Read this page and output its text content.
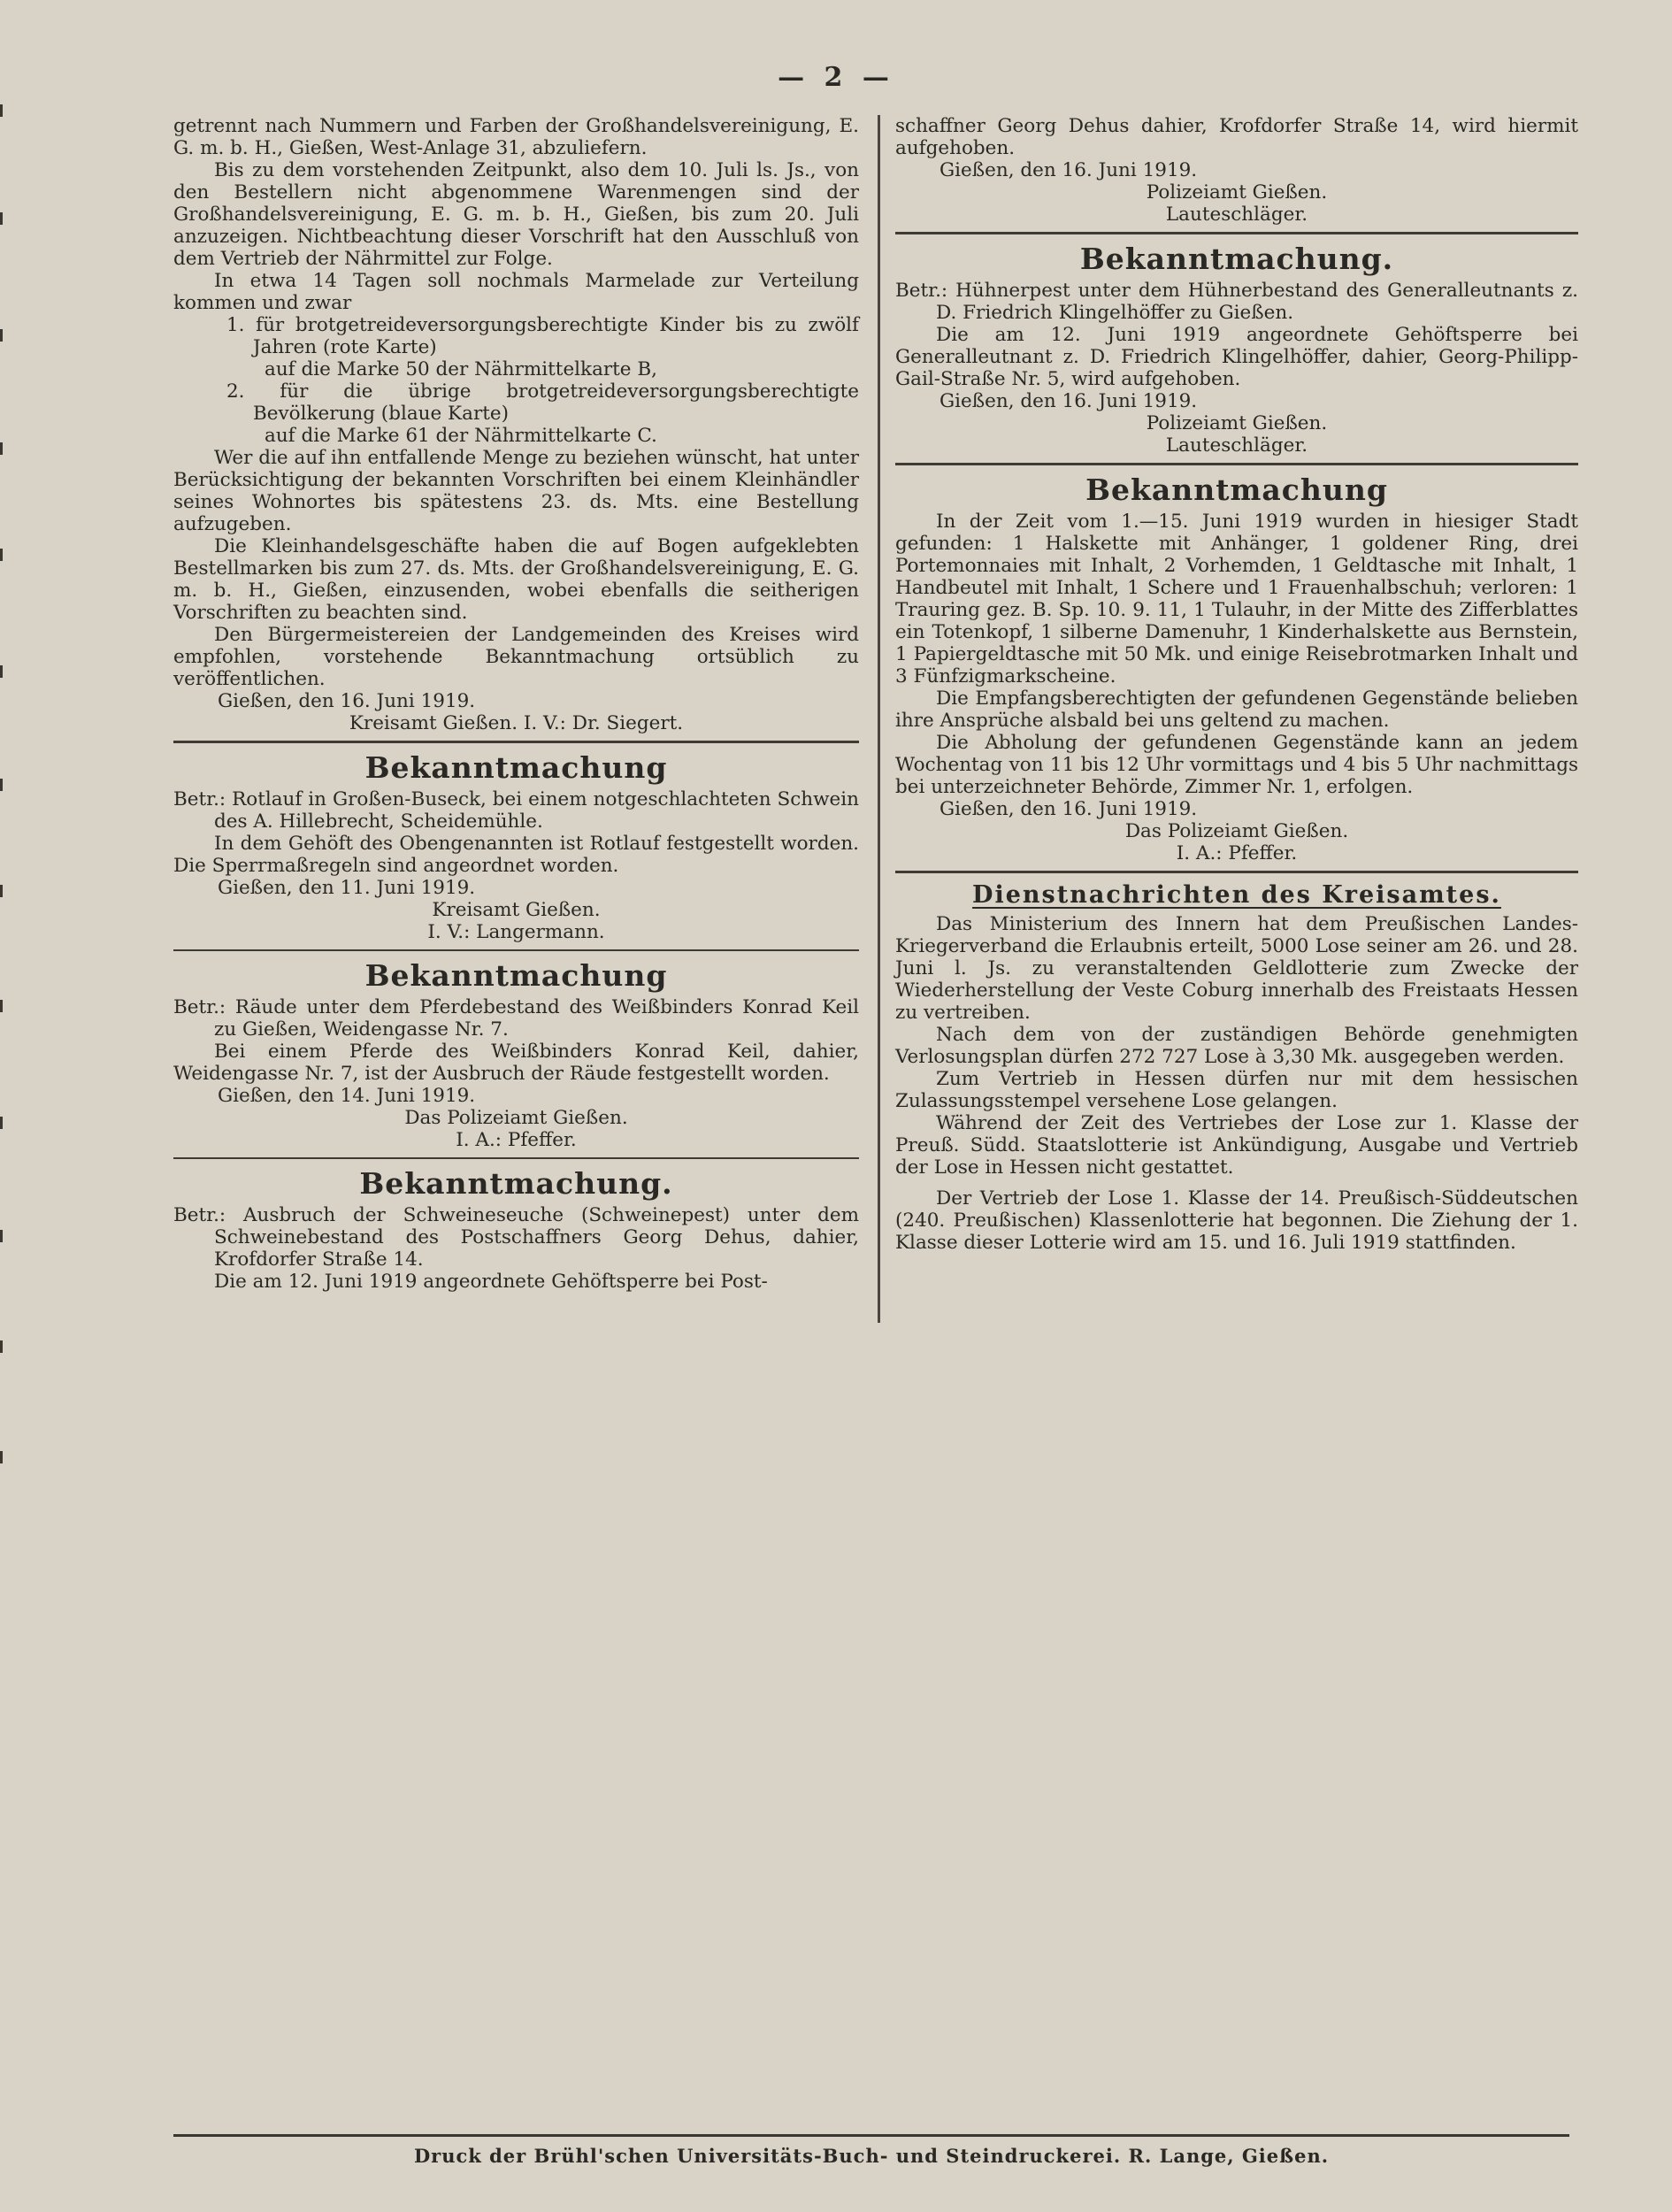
— 2 —

getrennt nach Nummern und Farben der Großhandelsvereinigung, E. G. m. b. H., Gießen, West-Anlage 31, abzuliefern.

Bis zu dem vorstehenden Zeitpunkt, also dem 10. Juli ls. Js., von den Bestellern nicht abgenommene Warenmengen sind der Großhandelsvereinigung, E. G. m. b. H., Gießen, bis zum 20. Juli anzuzeigen. Nichtbeachtung dieser Vorschrift hat den Ausschluß von dem Vertrieb der Nährmittel zur Folge.

In etwa 14 Tagen soll nochmals Marmelade zur Verteilung kommen und zwar

1. für brotgetreideversorgungsberechtigte Kinder bis zu zwölf Jahren (rote Karte)

auf die Marke 50 der Nährmittelkarte B,

2. für die übrige brotgetreideversorgungsberechtigte Bevölkerung (blaue Karte)

auf die Marke 61 der Nährmittelkarte C.

Wer die auf ihn entfallende Menge zu beziehen wünscht, hat unter Berücksichtigung der bekannten Vorschriften bei einem Kleinhändler seines Wohnortes bis spätestens 23. ds. Mts. eine Bestellung aufzugeben.

Die Kleinhandelsgeschäfte haben die auf Bogen aufgeklebten Bestellmarken bis zum 27. ds. Mts. der Großhandelsvereinigung, E. G. m. b. H., Gießen, einzusenden, wobei ebenfalls die seitherigen Vorschriften zu beachten sind.

Den Bürgermeistereien der Landgemeinden des Kreises wird empfohlen, vorstehende Bekanntmachung ortsüblich zu veröffentlichen.

Gießen, den 16. Juni 1919.

Kreisamt Gießen. I. V.: Dr. Siegert.

Bekanntmachung

Betr.: Rotlauf in Großen-Buseck, bei einem notgeschlachteten Schwein des A. Hillebrecht, Scheidemühle.

In dem Gehöft des Obengenannten ist Rotlauf festgestellt worden. Die Sperrmaßregeln sind angeordnet worden.

Gießen, den 11. Juni 1919.

Kreisamt Gießen.

I. V.: Langermann.

Bekanntmachung

Betr.: Räude unter dem Pferdebestand des Weißbinders Konrad Keil zu Gießen, Weidengasse Nr. 7.

Bei einem Pferde des Weißbinders Konrad Keil, dahier, Weidengasse Nr. 7, ist der Ausbruch der Räude festgestellt worden.

Gießen, den 14. Juni 1919.

Das Polizeiamt Gießen.

I. A.: Pfeffer.

Bekanntmachung.

Betr.: Ausbruch der Schweineseuche (Schweinepest) unter dem Schweinebestand des Postschaffners Georg Dehus, dahier, Krofdorfer Straße 14.

Die am 12. Juni 1919 angeordnete Gehöftsperre bei Post-

schaffner Georg Dehus dahier, Krofdorfer Straße 14, wird hiermit aufgehoben.

Gießen, den 16. Juni 1919.

Polizeiamt Gießen.

Lauteschläger.

Bekanntmachung.

Betr.: Hühnerpest unter dem Hühnerbestand des Generalleutnants z. D. Friedrich Klingelhöffer zu Gießen.

Die am 12. Juni 1919 angeordnete Gehöftsperre bei Generalleutnant z. D. Friedrich Klingelhöffer, dahier, Georg-Philipp-Gail-Straße Nr. 5, wird aufgehoben.

Gießen, den 16. Juni 1919.

Polizeiamt Gießen.

Lauteschläger.

Bekanntmachung

In der Zeit vom 1.—15. Juni 1919 wurden in hiesiger Stadt gefunden: 1 Halskette mit Anhänger, 1 goldener Ring, drei Portemonnaies mit Inhalt, 2 Vorhemden, 1 Geldtasche mit Inhalt, 1 Handbeutel mit Inhalt, 1 Schere und 1 Frauenhalbschuh; verloren: 1 Trauring gez. B. Sp. 10. 9. 11, 1 Tulauhr, in der Mitte des Zifferblattes ein Totenkopf, 1 silberne Damenuhr, 1 Kinderhalskette aus Bernstein, 1 Papiergeldtasche mit 50 Mk. und einige Reisebrotmarken Inhalt und 3 Fünfzigmarkscheine.

Die Empfangsberechtigten der gefundenen Gegenstände belieben ihre Ansprüche alsbald bei uns geltend zu machen.

Die Abholung der gefundenen Gegenstände kann an jedem Wochentag von 11 bis 12 Uhr vormittags und 4 bis 5 Uhr nachmittags bei unterzeichneter Behörde, Zimmer Nr. 1, erfolgen.

Gießen, den 16. Juni 1919.

Das Polizeiamt Gießen.

I. A.: Pfeffer.

Dienstnachrichten des Kreisamtes.

Das Ministerium des Innern hat dem Preußischen Landes-Kriegerverband die Erlaubnis erteilt, 5000 Lose seiner am 26. und 28. Juni l. Js. zu veranstaltenden Geldlotterie zum Zwecke der Wiederherstellung der Veste Coburg innerhalb des Freistaats Hessen zu vertreiben.

Nach dem von der zuständigen Behörde genehmigten Verlosungsplan dürfen 272 727 Lose à 3,30 Mk. ausgegeben werden.

Zum Vertrieb in Hessen dürfen nur mit dem hessischen Zulassungsstempel versehene Lose gelangen.

Während der Zeit des Vertriebes der Lose zur 1. Klasse der Preuß. Südd. Staatslotterie ist Ankündigung, Ausgabe und Vertrieb der Lose in Hessen nicht gestattet.

Der Vertrieb der Lose 1. Klasse der 14. Preußisch-Süddeutschen (240. Preußischen) Klassenlotterie hat begonnen. Die Ziehung der 1. Klasse dieser Lotterie wird am 15. und 16. Juli 1919 stattfinden.

Druck der Brühl'schen Universitäts-Buch- und Steindruckerei. R. Lange, Gießen.
